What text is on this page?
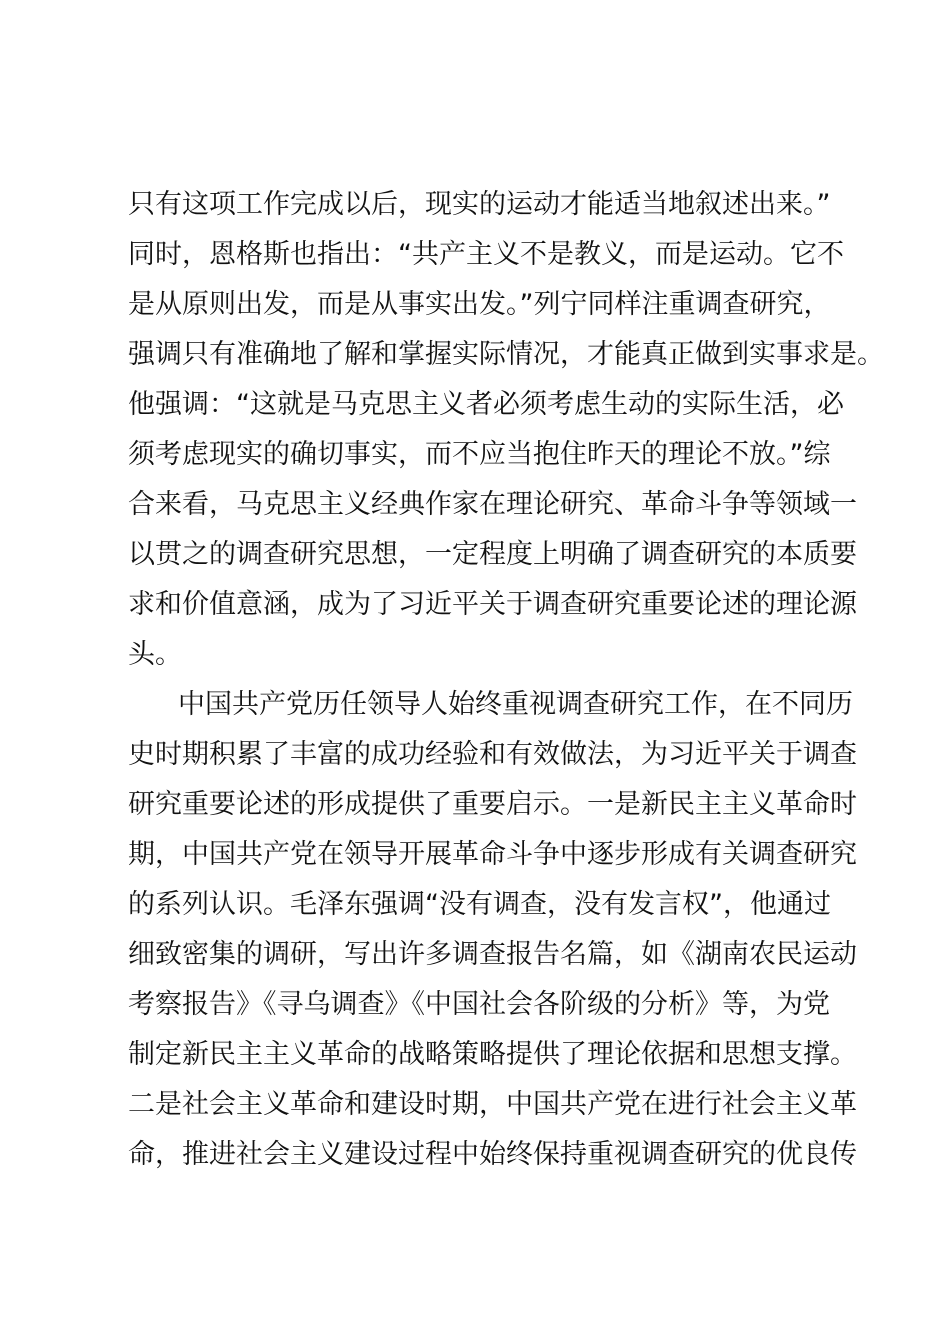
只有这项工作完成以后，现实的运动才能适当地叙述出来。”
同时，恩格斯也指出：“共产主义不是教义，而是运动。它不
是从原则出发，而是从事实出发。”列宁同样注重调查研究，
强调只有准确地了解和掌握实际情况，才能真正做到实事求是。
他强调：“这就是马克思主义者必须考虑生动的实际生活，必
须考虑现实的确切事实，而不应当抱住昨天的理论不放。”综
合来看，马克思主义经典作家在理论研究、革命斗争等领域一
以贯之的调查研究思想，一定程度上明确了调查研究的本质要
求和价值意涵，成为了习近平关于调查研究重要论述的理论源
头。
中国共产党历任领导人始终重视调查研究工作，在不同历
史时期积累了丰富的成功经验和有效做法，为习近平关于调查
研究重要论述的形成提供了重要启示。一是新民主主义革命时
期，中国共产党在领导开展革命斗争中逐步形成有关调查研究
的系列认识。毛泽东强调“没有调查，没有发言权”，他通过
细致密集的调研，写出许多调查报告名篇，如《湖南农民运动
考察报告》《寻乌调查》《中国社会各阶级的分析》等，为党
制定新民主主义革命的战略策略提供了理论依据和思想支撑。
二是社会主义革命和建设时期，中国共产党在进行社会主义革
命，推进社会主义建设过程中始终保持重视调查研究的优良传
